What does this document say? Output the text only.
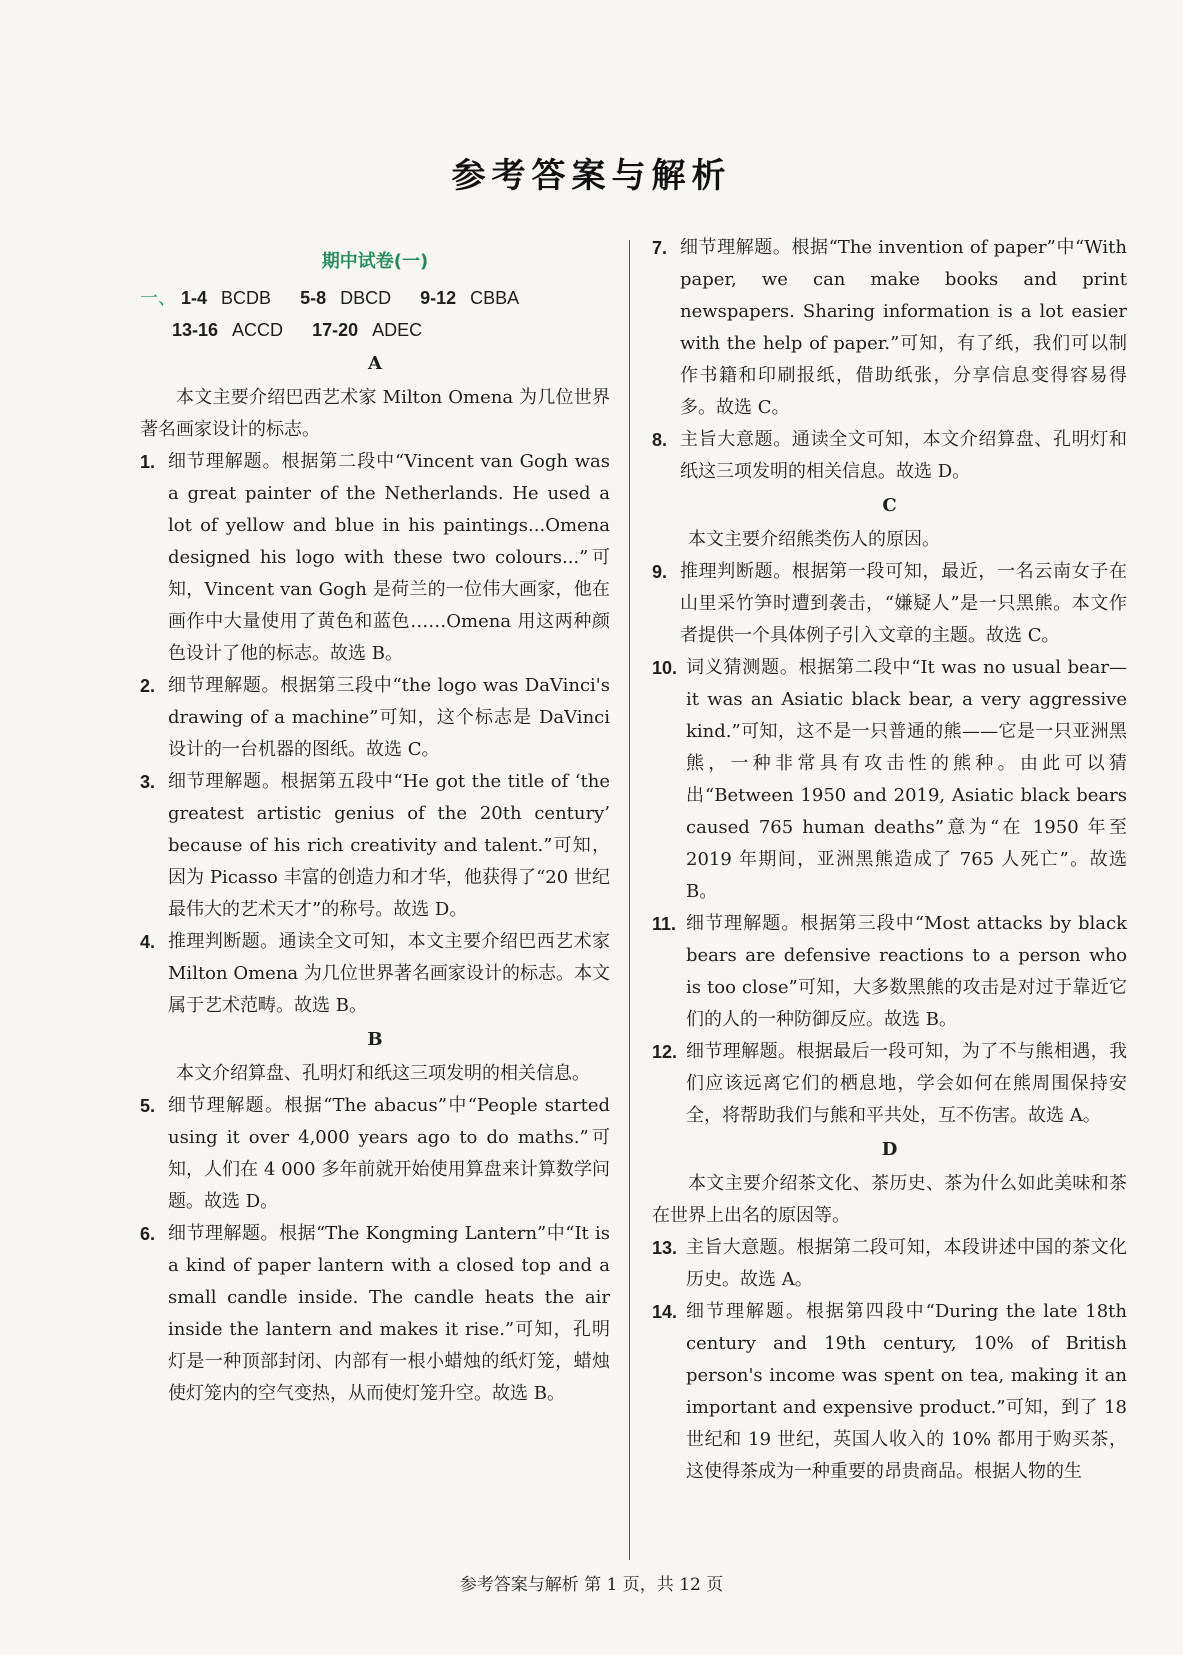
参考答案与解析
期中试卷(一)
一、 1-4 BCDB 5-8 DBCD 9-12 CBBA
13-16 ACCD 17-20 ADEC
A
本文主要介绍巴西艺术家 Milton Omena 为几位世界著名画家设计的标志。
1. 细节理解题。根据第二段中“Vincent van Gogh was a great painter of the Netherlands. He used a lot of yellow and blue in his paintings...Omena designed his logo with these two colours...”可知，Vincent van Gogh 是荷兰的一位伟大画家，他在画作中大量使用了黄色和蓝色……Omena 用这两种颜色设计了他的标志。故选 B。
2. 细节理解题。根据第三段中“the logo was DaVinci's drawing of a machine”可知，这个标志是 DaVinci 设计的一台机器的图纸。故选 C。
3. 细节理解题。根据第五段中“He got the title of ‘the greatest artistic genius of the 20th century’ because of his rich creativity and talent.”可知，因为 Picasso 丰富的创造力和才华，他获得了“20 世纪最伟大的艺术天才”的称号。故选 D。
4. 推理判断题。通读全文可知，本文主要介绍巴西艺术家 Milton Omena 为几位世界著名画家设计的标志。本文属于艺术范畴。故选 B。
B
本文介绍算盘、孔明灯和纸这三项发明的相关信息。
5. 细节理解题。根据“The abacus”中“People started using it over 4,000 years ago to do maths.”可知，人们在 4 000 多年前就开始使用算盘来计算数学问题。故选 D。
6. 细节理解题。根据“The Kongming Lantern”中“It is a kind of paper lantern with a closed top and a small candle inside. The candle heats the air inside the lantern and makes it rise.”可知，孔明灯是一种顶部封闭、内部有一根小蜡烛的纸灯笼，蜡烛使灯笼内的空气变热，从而使灯笼升空。故选 B。
7. 细节理解题。根据“The invention of paper”中“With paper, we can make books and print newspapers. Sharing information is a lot easier with the help of paper.”可知，有了纸，我们可以制作书籍和印刷报纸，借助纸张，分享信息变得容易得多。故选 C。
8. 主旨大意题。通读全文可知，本文介绍算盘、孔明灯和纸这三项发明的相关信息。故选 D。
C
本文主要介绍熊类伤人的原因。
9. 推理判断题。根据第一段可知，最近，一名云南女子在山里采竹笋时遭到袭击，“嫌疑人”是一只黑熊。本文作者提供一个具体例子引入文章的主题。故选 C。
10. 词义猜测题。根据第二段中“It was no usual bear—it was an Asiatic black bear, a very aggressive kind.”可知，这不是一只普通的熊——它是一只亚洲黑熊，一种非常具有攻击性的熊种。由此可以猜出“Between 1950 and 2019, Asiatic black bears caused 765 human deaths”意为“在 1950 年至 2019 年期间，亚洲黑熊造成了 765 人死亡”。故选 B。
11. 细节理解题。根据第三段中“Most attacks by black bears are defensive reactions to a person who is too close”可知，大多数黑熊的攻击是对过于靠近它们的人的一种防御反应。故选 B。
12. 细节理解题。根据最后一段可知，为了不与熊相遇，我们应该远离它们的栖息地，学会如何在熊周围保持安全，将帮助我们与熊和平共处，互不伤害。故选 A。
D
本文主要介绍茶文化、茶历史、茶为什么如此美味和茶在世界上出名的原因等。
13. 主旨大意题。根据第二段可知，本段讲述中国的茶文化历史。故选 A。
14. 细节理解题。根据第四段中“During the late 18th century and 19th century, 10% of British person's income was spent on tea, making it an important and expensive product.”可知，到了 18 世纪和 19 世纪，英国人收入的 10% 都用于购买茶，这使得茶成为一种重要的昂贵商品。根据人物的生
参考答案与解析 第 1 页，共 12 页
